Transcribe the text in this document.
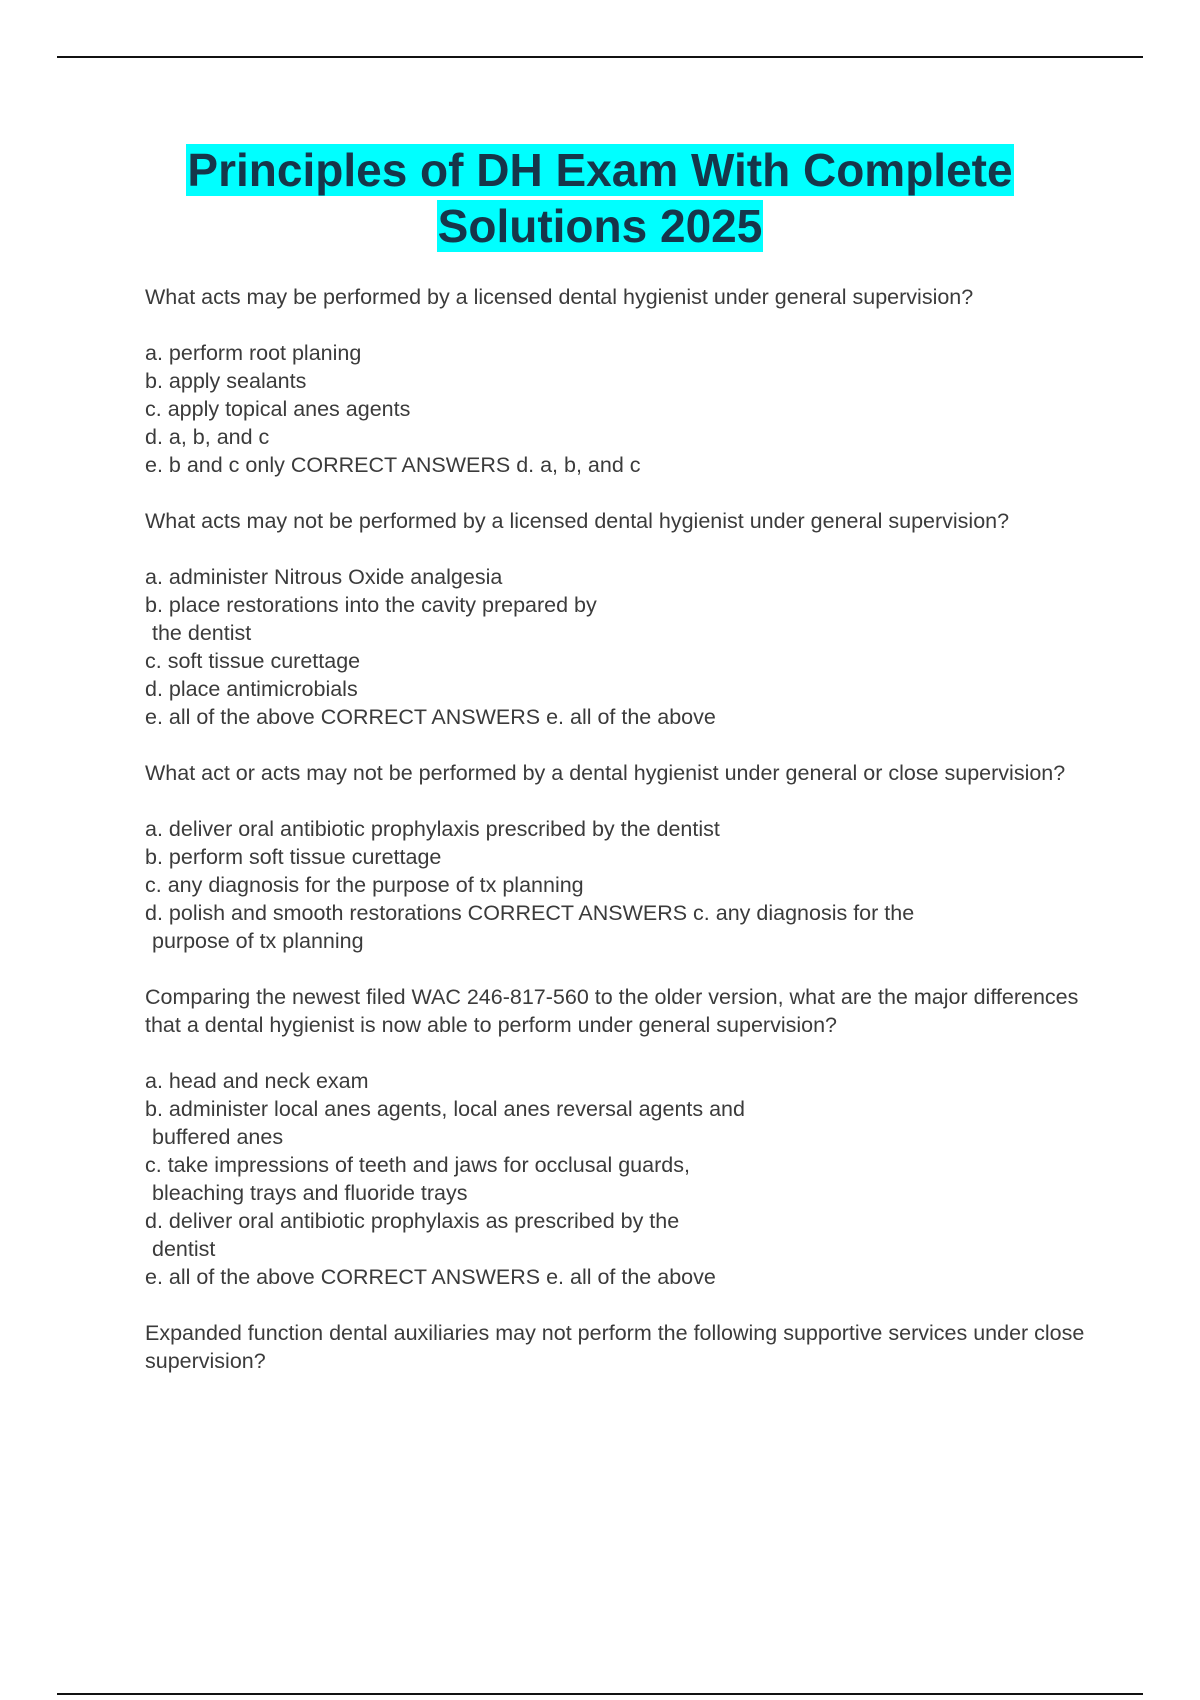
Principles of DH Exam With Complete
Solutions 2025

What acts may be performed by a licensed dental hygienist under general supervision?

a. perform root planing

b. apply sealants

c. apply topical anes agents

d. a, b, and c

e. b and c only CORRECT ANSWERS d. a, b, and c

What acts may not be performed by a licensed dental hygienist under general supervision?

a. administer Nitrous Oxide analgesia

b. place restorations into the cavity prepared by
the dentist

c. soft tissue curettage

d. place antimicrobials

e. all of the above CORRECT ANSWERS e. all of the above

What act or acts may not be performed by a dental hygienist under general or close supervision?

a. deliver oral antibiotic prophylaxis prescribed by the dentist

b. perform soft tissue curettage

c. any diagnosis for the purpose of tx planning

d. polish and smooth restorations CORRECT ANSWERS c. any diagnosis for the
purpose of tx planning

Comparing the newest filed WAC 246-817-560 to the older version, what are the major differences that a dental hygienist is now able to perform under general supervision?

a. head and neck exam

b. administer local anes agents, local anes reversal agents and
buffered anes

c. take impressions of teeth and jaws for occlusal guards,
bleaching trays and fluoride trays

d. deliver oral antibiotic prophylaxis as prescribed by the
dentist

e. all of the above CORRECT ANSWERS e. all of the above

Expanded function dental auxiliaries may not perform the following supportive services under close supervision?
